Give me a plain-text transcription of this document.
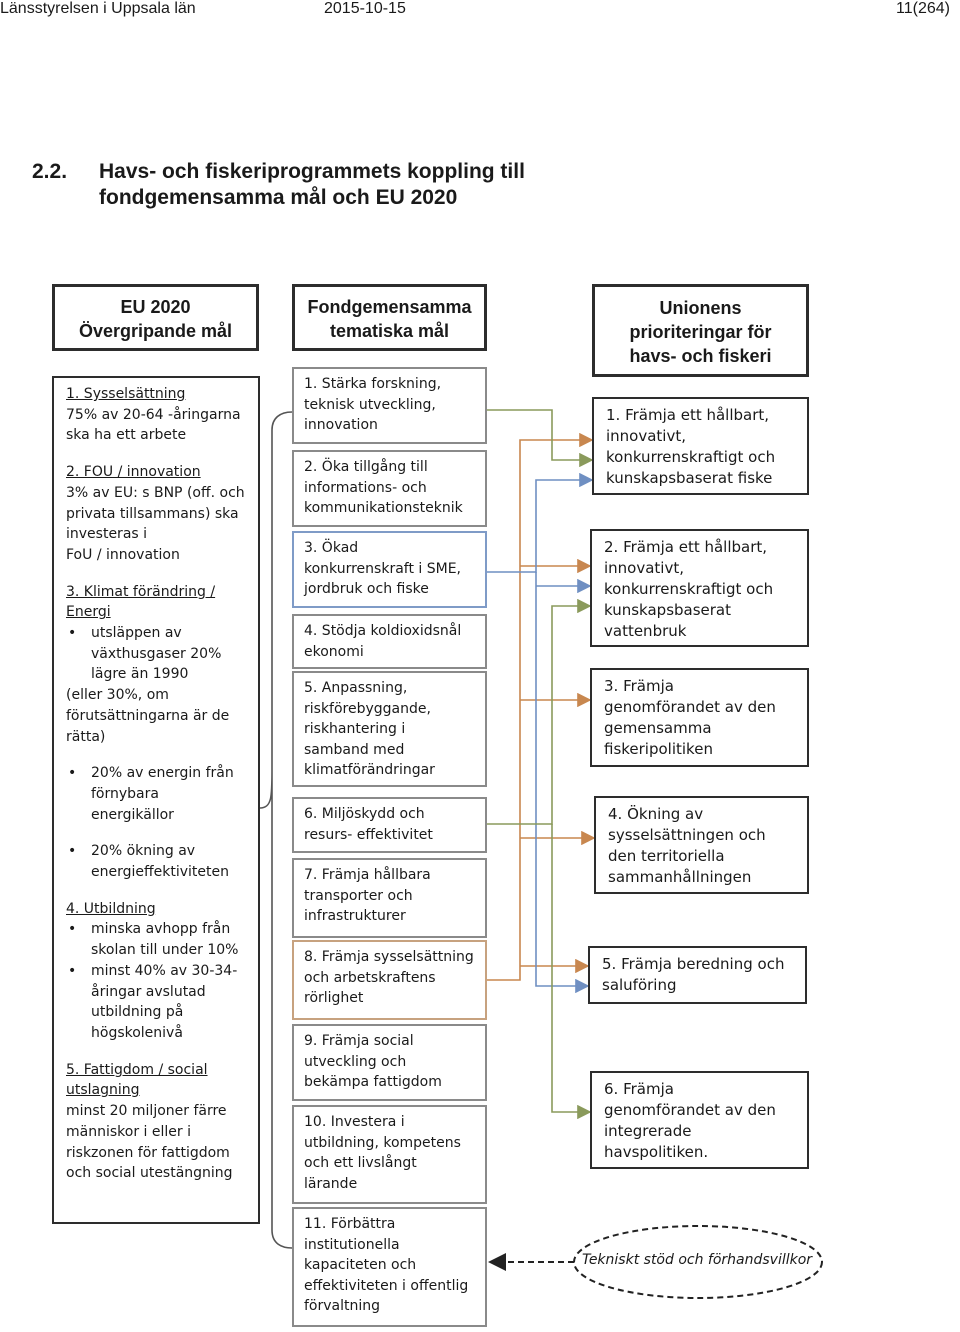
Länsstyrelsen i Uppsala län	2015-10-15	11(264)
2.2. Havs- och fiskeriprogrammets koppling till
fondgemensamma mål och EU 2020
Tekniskt stöd och förhandsvillkor
EU 2020
Övergripande mål
Fondgemensamma
tematiska mål
Unionens
prioriteringar för
havs- och fiskeri
1. Sysselsättning
75% av 20-64 -åringarna
ska ha ett arbete
2. FOU / innovation
3% av EU: s BNP (off. och
privata tillsammans) ska
investeras i
FoU / innovation
3. Klimat förändring /
Energi
• utsläppen av
växthusgaser 20%
lägre än 1990
(eller 30%, om
förutsättningarna är de
rätta)
• 20% av energin från
förnybara
energikällor
• 20% ökning av
energieffektiviteten
4. Utbildning
• minska avhopp från
skolan till under 10%
• minst 40% av 30-34-
åringar avslutad
utbildning på
högskolenivå
5. Fattigdom / social
utslagning
minst 20 miljoner färre
människor i eller i
riskzonen för fattigdom
och social utestängning
1. Stärka forskning,
teknisk utveckling,
innovation
2. Öka tillgång till
informations- och
kommunikationsteknik
3. Ökad
konkurrenskraft i SME,
jordbruk och fiske
4. Stödja koldioxidsnål
ekonomi
5. Anpassning,
riskförebyggande,
riskhantering i
samband med
klimatförändringar
6. Miljöskydd och
resurs- effektivitet
7. Främja hållbara
transporter och
infrastrukturer
8. Främja sysselsättning
och arbetskraftens
rörlighet
9. Främja social
utveckling och
bekämpa fattigdom
10. Investera i
utbildning, kompetens
och ett livslångt
lärande
11. Förbättra
institutionella
kapaciteten och
effektiviteten i offentlig
förvaltning
1. Främja ett hållbart,
innovativt,
konkurrenskraftigt och
kunskapsbaserat fiske
2. Främja ett hållbart,
innovativt,
konkurrenskraftigt och
kunskapsbaserat
vattenbruk
3. Främja
genomförandet av den
gemensamma
fiskeripolitiken
4. Ökning av
sysselsättningen och
den territoriella
sammanhållningen
5. Främja beredning och
saluföring
6. Främja
genomförandet av den
integrerade
havspolitiken.
